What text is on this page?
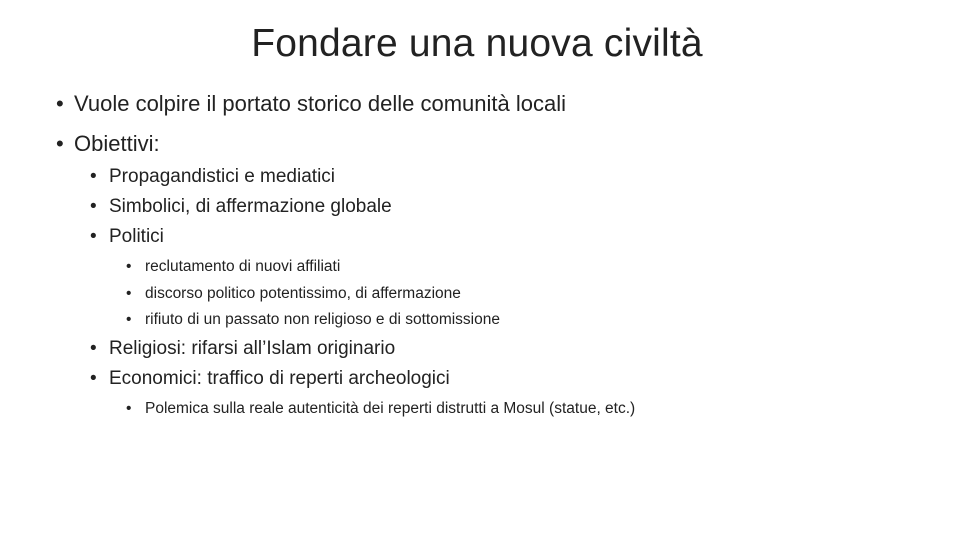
Fondare una nuova civiltà
• Vuole colpire il portato storico delle comunità locali
• Obiettivi:
• Propagandistici e mediatici
• Simbolici, di affermazione globale
• Politici
• reclutamento di nuovi affiliati
• discorso politico potentissimo, di affermazione
• rifiuto di un passato non religioso e di sottomissione
• Religiosi: rifarsi all’Islam originario
• Economici: traffico di reperti archeologici
• Polemica sulla reale autenticità dei reperti distrutti a Mosul (statue, etc.)
